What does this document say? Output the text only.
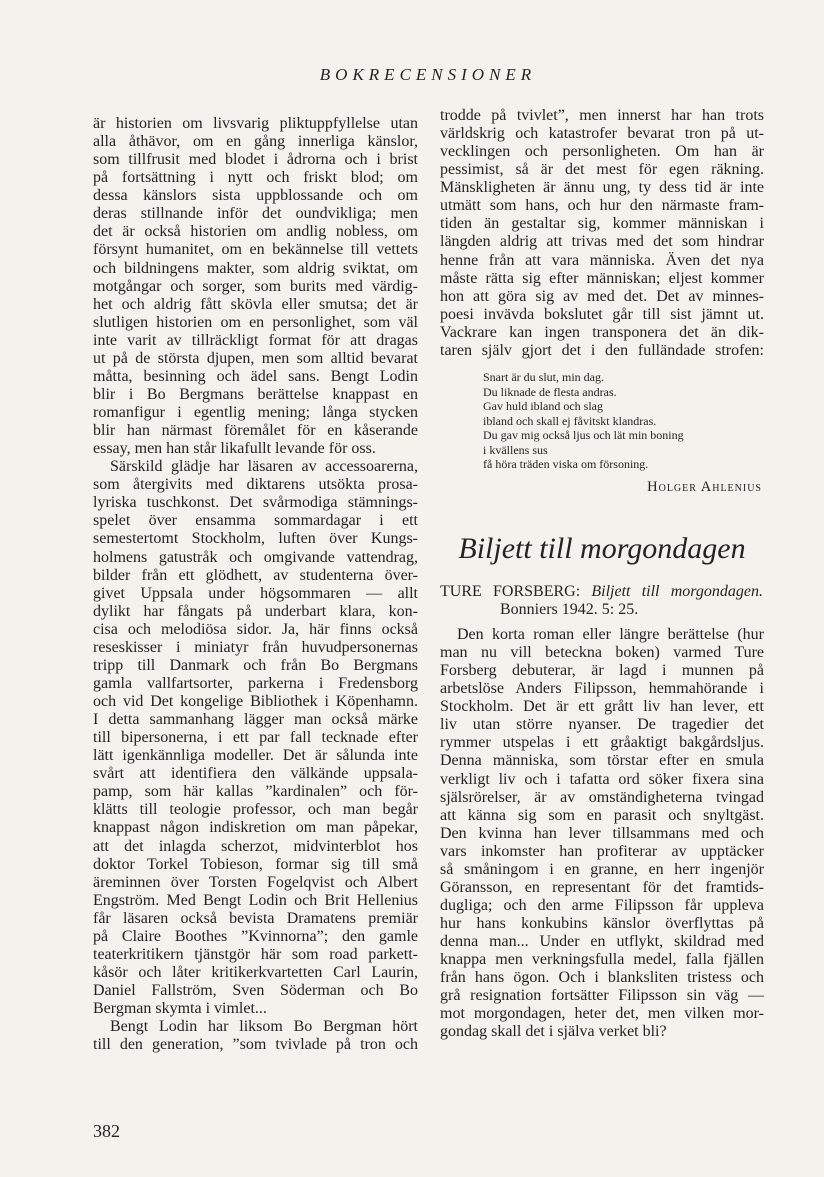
BOKRECENSIONER
är historien om livsvarig pliktuppfyllelse utan
alla åthävor, om en gång innerliga känslor,
som tillfrusit med blodet i ådrorna och i brist
på fortsättning i nytt och friskt blod; om
dessa känslors sista uppblossande och om
deras stillnande inför det oundvikliga; men
det är också historien om andlig nobless, om
försynt humanitet, om en bekännelse till vettets
och bildningens makter, som aldrig sviktat, om
motgångar och sorger, som burits med värdig-
het och aldrig fått skövla eller smutsa; det är
slutligen historien om en personlighet, som väl
inte varit av tillräckligt format för att dragas
ut på de största djupen, men som alltid bevarat
måtta, besinning och ädel sans. Bengt Lodin
blir i Bo Bergmans berättelse knappast en
romanfigur i egentlig mening; långa stycken
blir han närmast föremålet för en kåserande
essay, men han står likafullt levande för oss.
Särskild glädje har läsaren av accessoarerna,
som återgivits med diktarens utsökta prosa-
lyriska tuschkonst. Det svårmodiga stämnings-
spelet över ensamma sommardagar i ett
semestertomt Stockholm, luften över Kungs-
holmens gatustråk och omgivande vattendrag,
bilder från ett glödhett, av studenterna över-
givet Uppsala under högsommaren — allt
dylikt har fångats på underbart klara, kon-
cisa och melodiösa sidor. Ja, här finns också
reseskisser i miniatyr från huvudpersonernas
tripp till Danmark och från Bo Bergmans
gamla vallfartsorter, parkerna i Fredensborg
och vid Det kongelige Bibliothek i Köpenhamn.
I detta sammanhang lägger man också märke
till bipersonerna, i ett par fall tecknade efter
lätt igenkännliga modeller. Det är sålunda inte
svårt att identifiera den välkände uppsala-
pamp, som här kallas ”kardinalen” och för-
klätts till teologie professor, och man begår
knappast någon indiskretion om man påpekar,
att det inlagda scherzot, midvinterblot hos
doktor Torkel Tobieson, formar sig till små
äreminnen över Torsten Fogelqvist och Albert
Engström. Med Bengt Lodin och Brit Hellenius
får läsaren också bevista Dramatens premiär
på Claire Boothes ”Kvinnorna”; den gamle
teaterkritikern tjänstgör här som road parkett-
kåsör och låter kritikerkvartetten Carl Laurin,
Daniel Fallström, Sven Söderman och Bo
Bergman skymta i vimlet...
Bengt Lodin har liksom Bo Bergman hört
till den generation, ”som tvivlade på tron och
trodde på tvivlet”, men innerst har han trots
världskrig och katastrofer bevarat tron på ut-
vecklingen och personligheten. Om han är
pessimist, så är det mest för egen räkning.
Mänskligheten är ännu ung, ty dess tid är inte
utmätt som hans, och hur den närmaste fram-
tiden än gestaltar sig, kommer människan i
längden aldrig att trivas med det som hindrar
henne från att vara människa. Även det nya
måste rätta sig efter människan; eljest kommer
hon att göra sig av med det. Det av minnes-
poesi invävda bokslutet går till sist jämnt ut.
Vackrare kan ingen transponera det än dik-
taren själv gjort det i den fulländade strofen:
Snart är du slut, min dag.
Du liknade de flesta andras.
Gav huld ibland och slag
ibland och skall ej fåvitskt klandras.
Du gav mig också ljus och lät min boning
i kvällens sus
få höra träden viska om försoning.
Holger Ahlenius
Biljett till morgondagen
TURE FORSBERG: Biljett till morgondagen.
Bonniers 1942. 5: 25.
Den korta roman eller längre berättelse (hur
man nu vill beteckna boken) varmed Ture
Forsberg debuterar, är lagd i munnen på
arbetslöse Anders Filipsson, hemmahörande i
Stockholm. Det är ett grått liv han lever, ett
liv utan större nyanser. De tragedier det
rymmer utspelas i ett gråaktigt bakgårdsljus.
Denna människa, som törstar efter en smula
verkligt liv och i tafatta ord söker fixera sina
själsrörelser, är av omständigheterna tvingad
att känna sig som en parasit och snyltgäst.
Den kvinna han lever tillsammans med och
vars inkomster han profiterar av upptäcker
så småningom i en granne, en herr ingenjör
Göransson, en representant för det framtids-
dugliga; och den arme Filipsson får uppleva
hur hans konkubins känslor överflyttas på
denna man... Under en utflykt, skildrad med
knappa men verkningsfulla medel, falla fjällen
från hans ögon. Och i blanksliten tristess och
grå resignation fortsätter Filipsson sin väg —
mot morgondagen, heter det, men vilken mor-
gondag skall det i själva verket bli?
382
